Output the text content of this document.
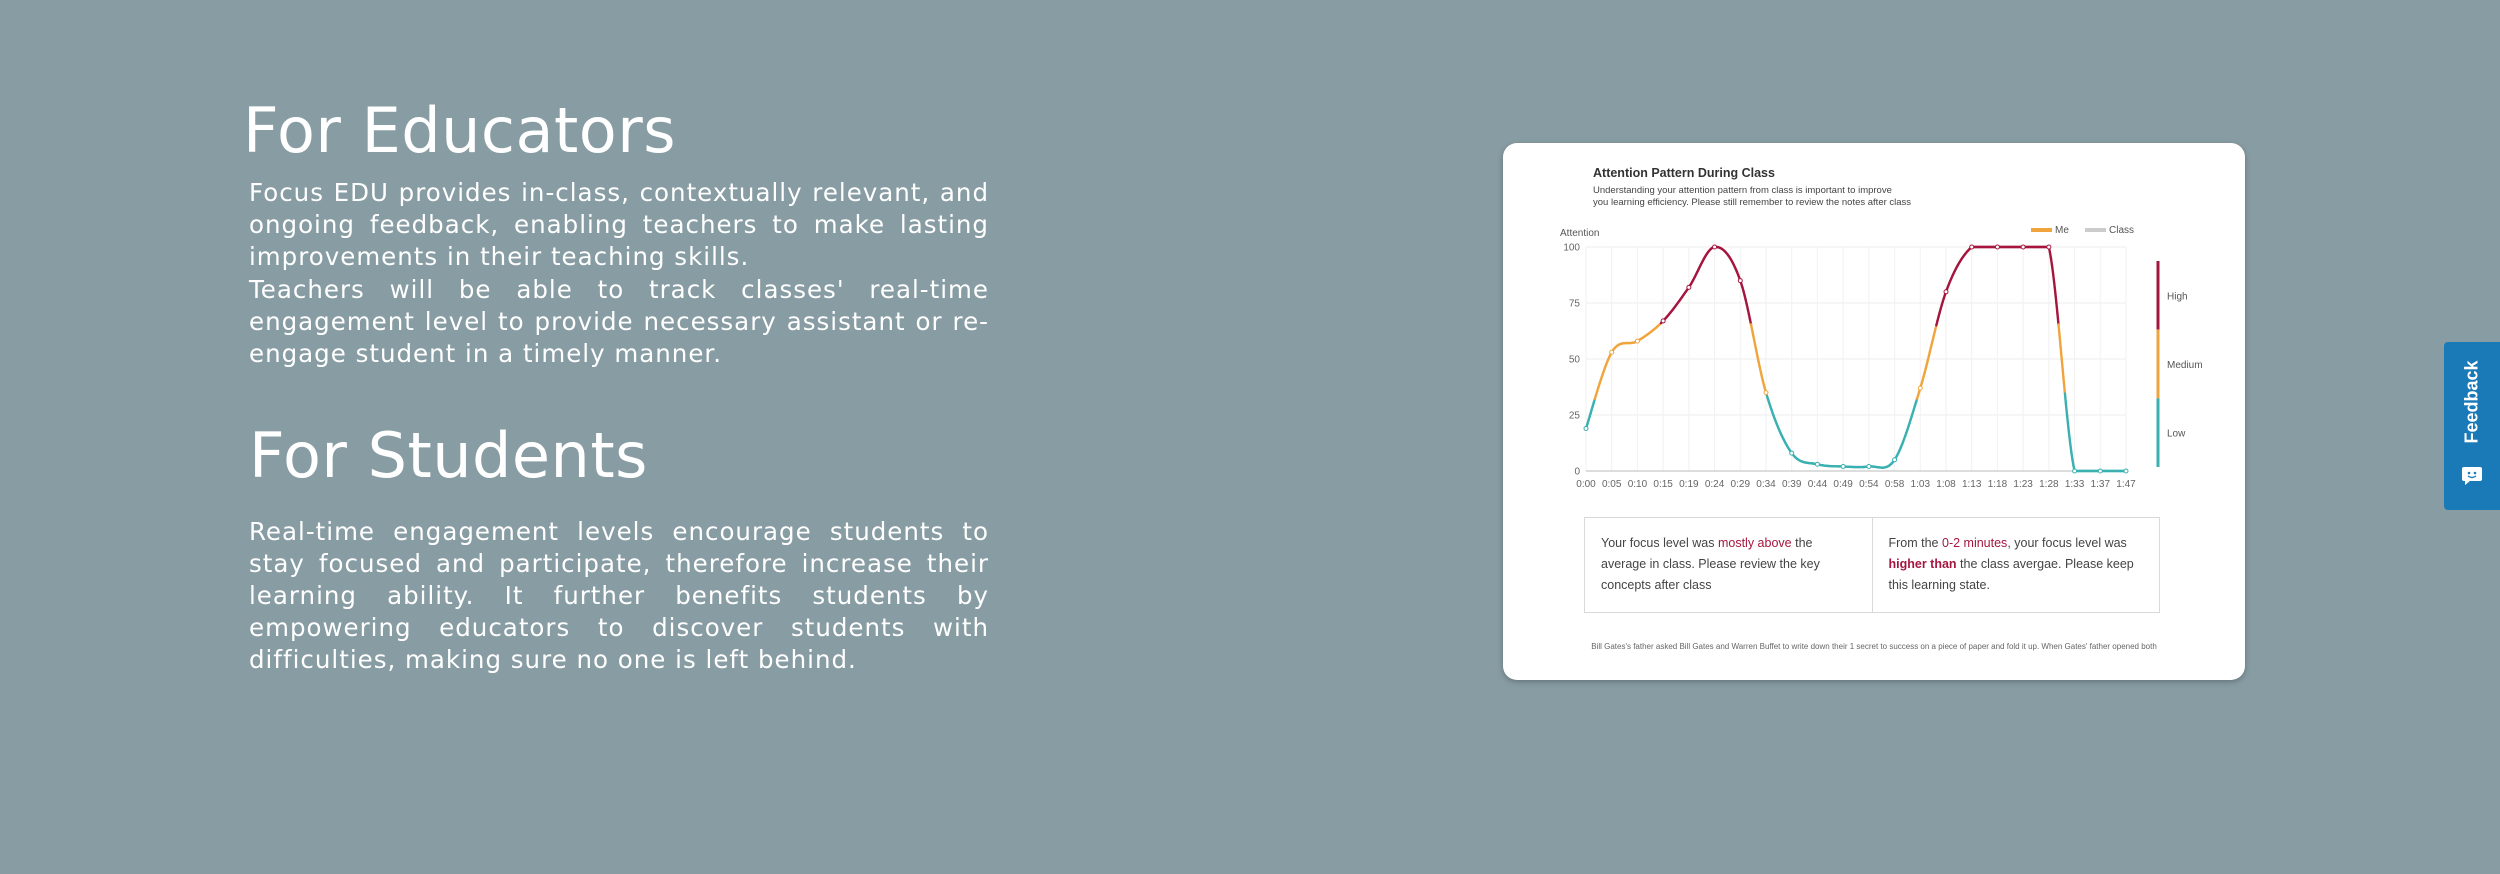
For Educators

Focus EDU provides in-class, contextually relevant, and ongoing feedback, enabling teachers to make lasting improvements in their teaching skills.

Teachers will be able to track classes' real-time engagement level to provide necessary assistant or re-engage student in a timely manner.

For Students

Real-time engagement levels encourage students to stay focused and participate, therefore increase their learning ability. It further benefits students by empowering educators to discover students with difficulties, making sure no one is left behind.

Attention Pattern During Class
Understanding your attention pattern from class is important to improve
you learning efficiency. Please still remember to review the notes after class
Me	Class
Attention
0
25
50
75
100
0:00 0:05 0:10 0:15 0:19 0:24 0:29 0:34 0:39 0:44 0:49 0:54 0:58 1:03 1:08 1:13 1:18 1:23 1:28 1:33 1:37 1:47
High
Medium
Low
Your focus level was mostly above the average in class. Please review the key concepts after class
From the 0-2 minutes, your focus level was higher than the class avergae. Please keep this learning state.
Bill Gates's father asked Bill Gates and Warren Buffet to write down their 1 secret to success on a piece of paper and fold it up. When Gates' father opened both
Feedback
